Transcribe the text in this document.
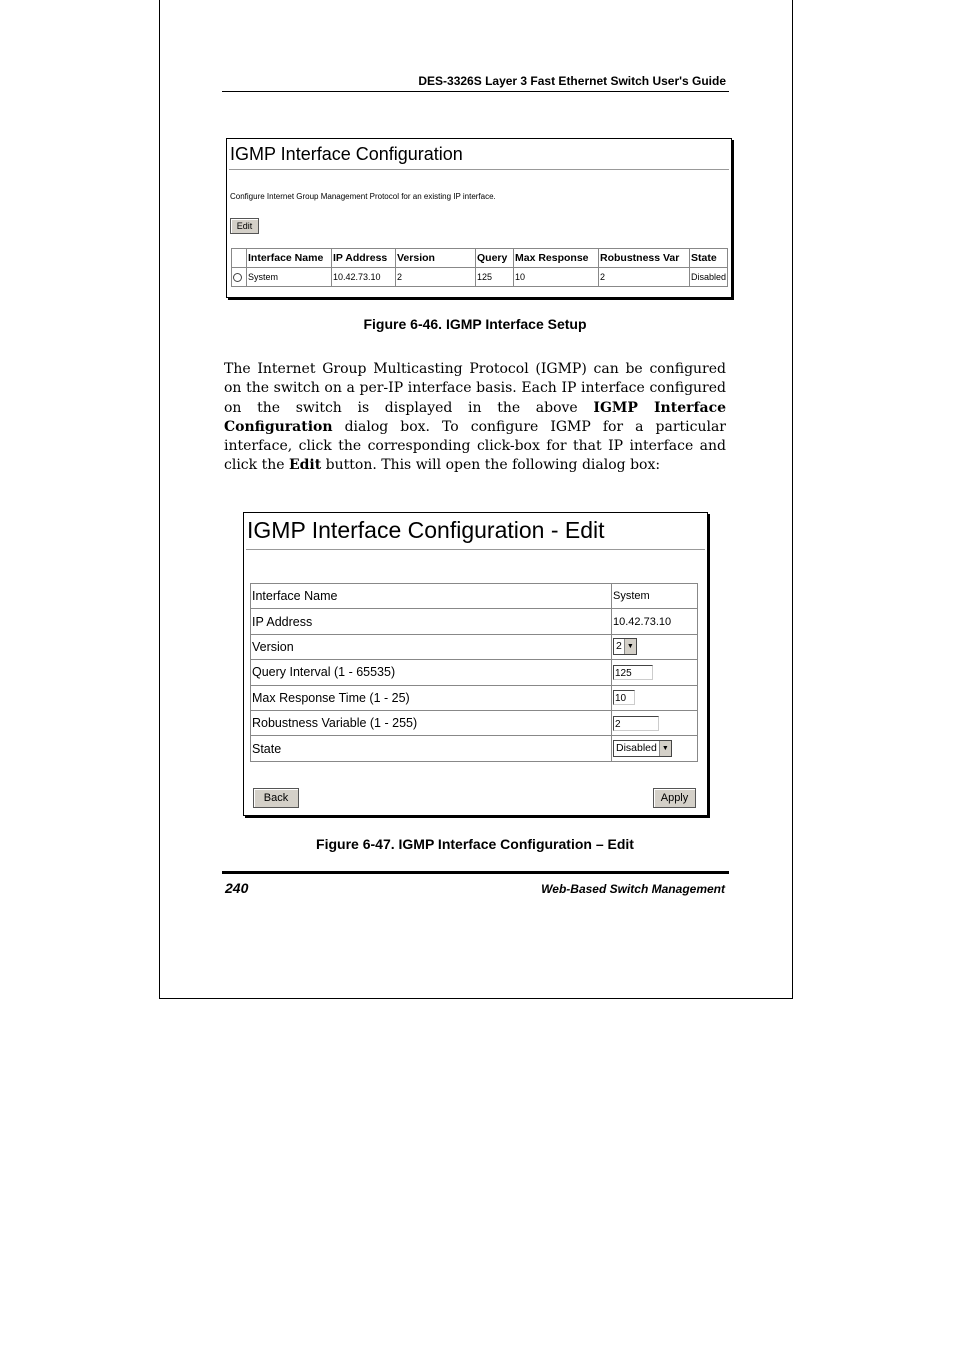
DES-3326S Layer 3 Fast Ethernet Switch User's Guide
IGMP Interface Configuration
Configure Internet Group Management Protocol for an existing IP interface.
Edit
	Interface Name	IP Address	Version	Query	Max Response	Robustness Var	State
	System	10.42.73.10	2	125	10	2	Disabled
Figure 6-46. IGMP Interface Setup
The Internet Group Multicasting Protocol (IGMP) can be configured on the switch on a per-IP interface basis. Each IP interface configured on the switch is displayed in the above IGMP Interface Configuration dialog box. To configure IGMP for a particular interface, click the corresponding click-box for that IP interface and click the Edit button. This will open the following dialog box:
IGMP Interface Configuration - Edit
Interface Name	System
IP Address	10.42.73.10
Version	2 ▼

Query Interval (1 - 65535)	125
Max Response Time (1 - 25)	10
Robustness Variable (1 - 255)	2
State	Disabled ▼
Back	Apply
Figure 6-47. IGMP Interface Configuration – Edit
240	Web-Based Switch Management
